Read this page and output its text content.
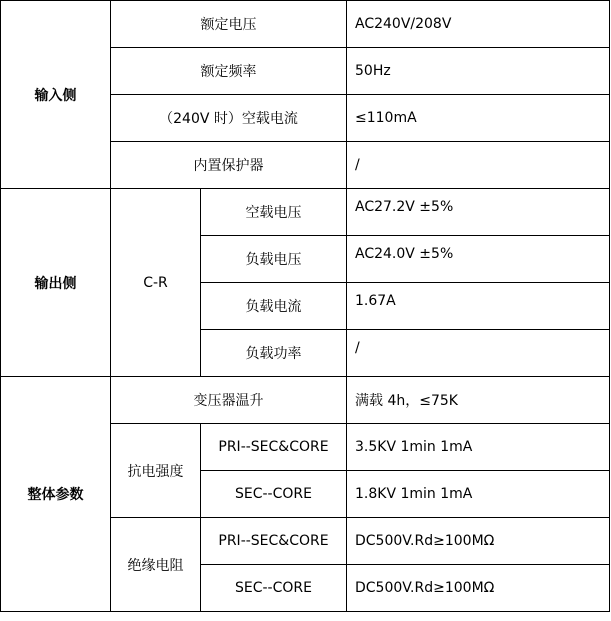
输入侧	额定电压		AC240V/208V
	额定频率		50Hz
	（240V 时）空载电流		≤110mA
	内置保护器		/
输出侧	C-R	空载电压	AC27.2V ±5%
		负载电压	AC24.0V ±5%
		负载电流	1.67A
		负载功率	/
整体参数	变压器温升		满载 4h，≤75K
	抗电强度	PRI--SEC&CORE	3.5KV 1min 1mA
		SEC--CORE	1.8KV 1min 1mA
	绝缘电阻	PRI--SEC&CORE	DC500V.Rd≥100MΩ
		SEC--CORE	DC500V.Rd≥100MΩ
